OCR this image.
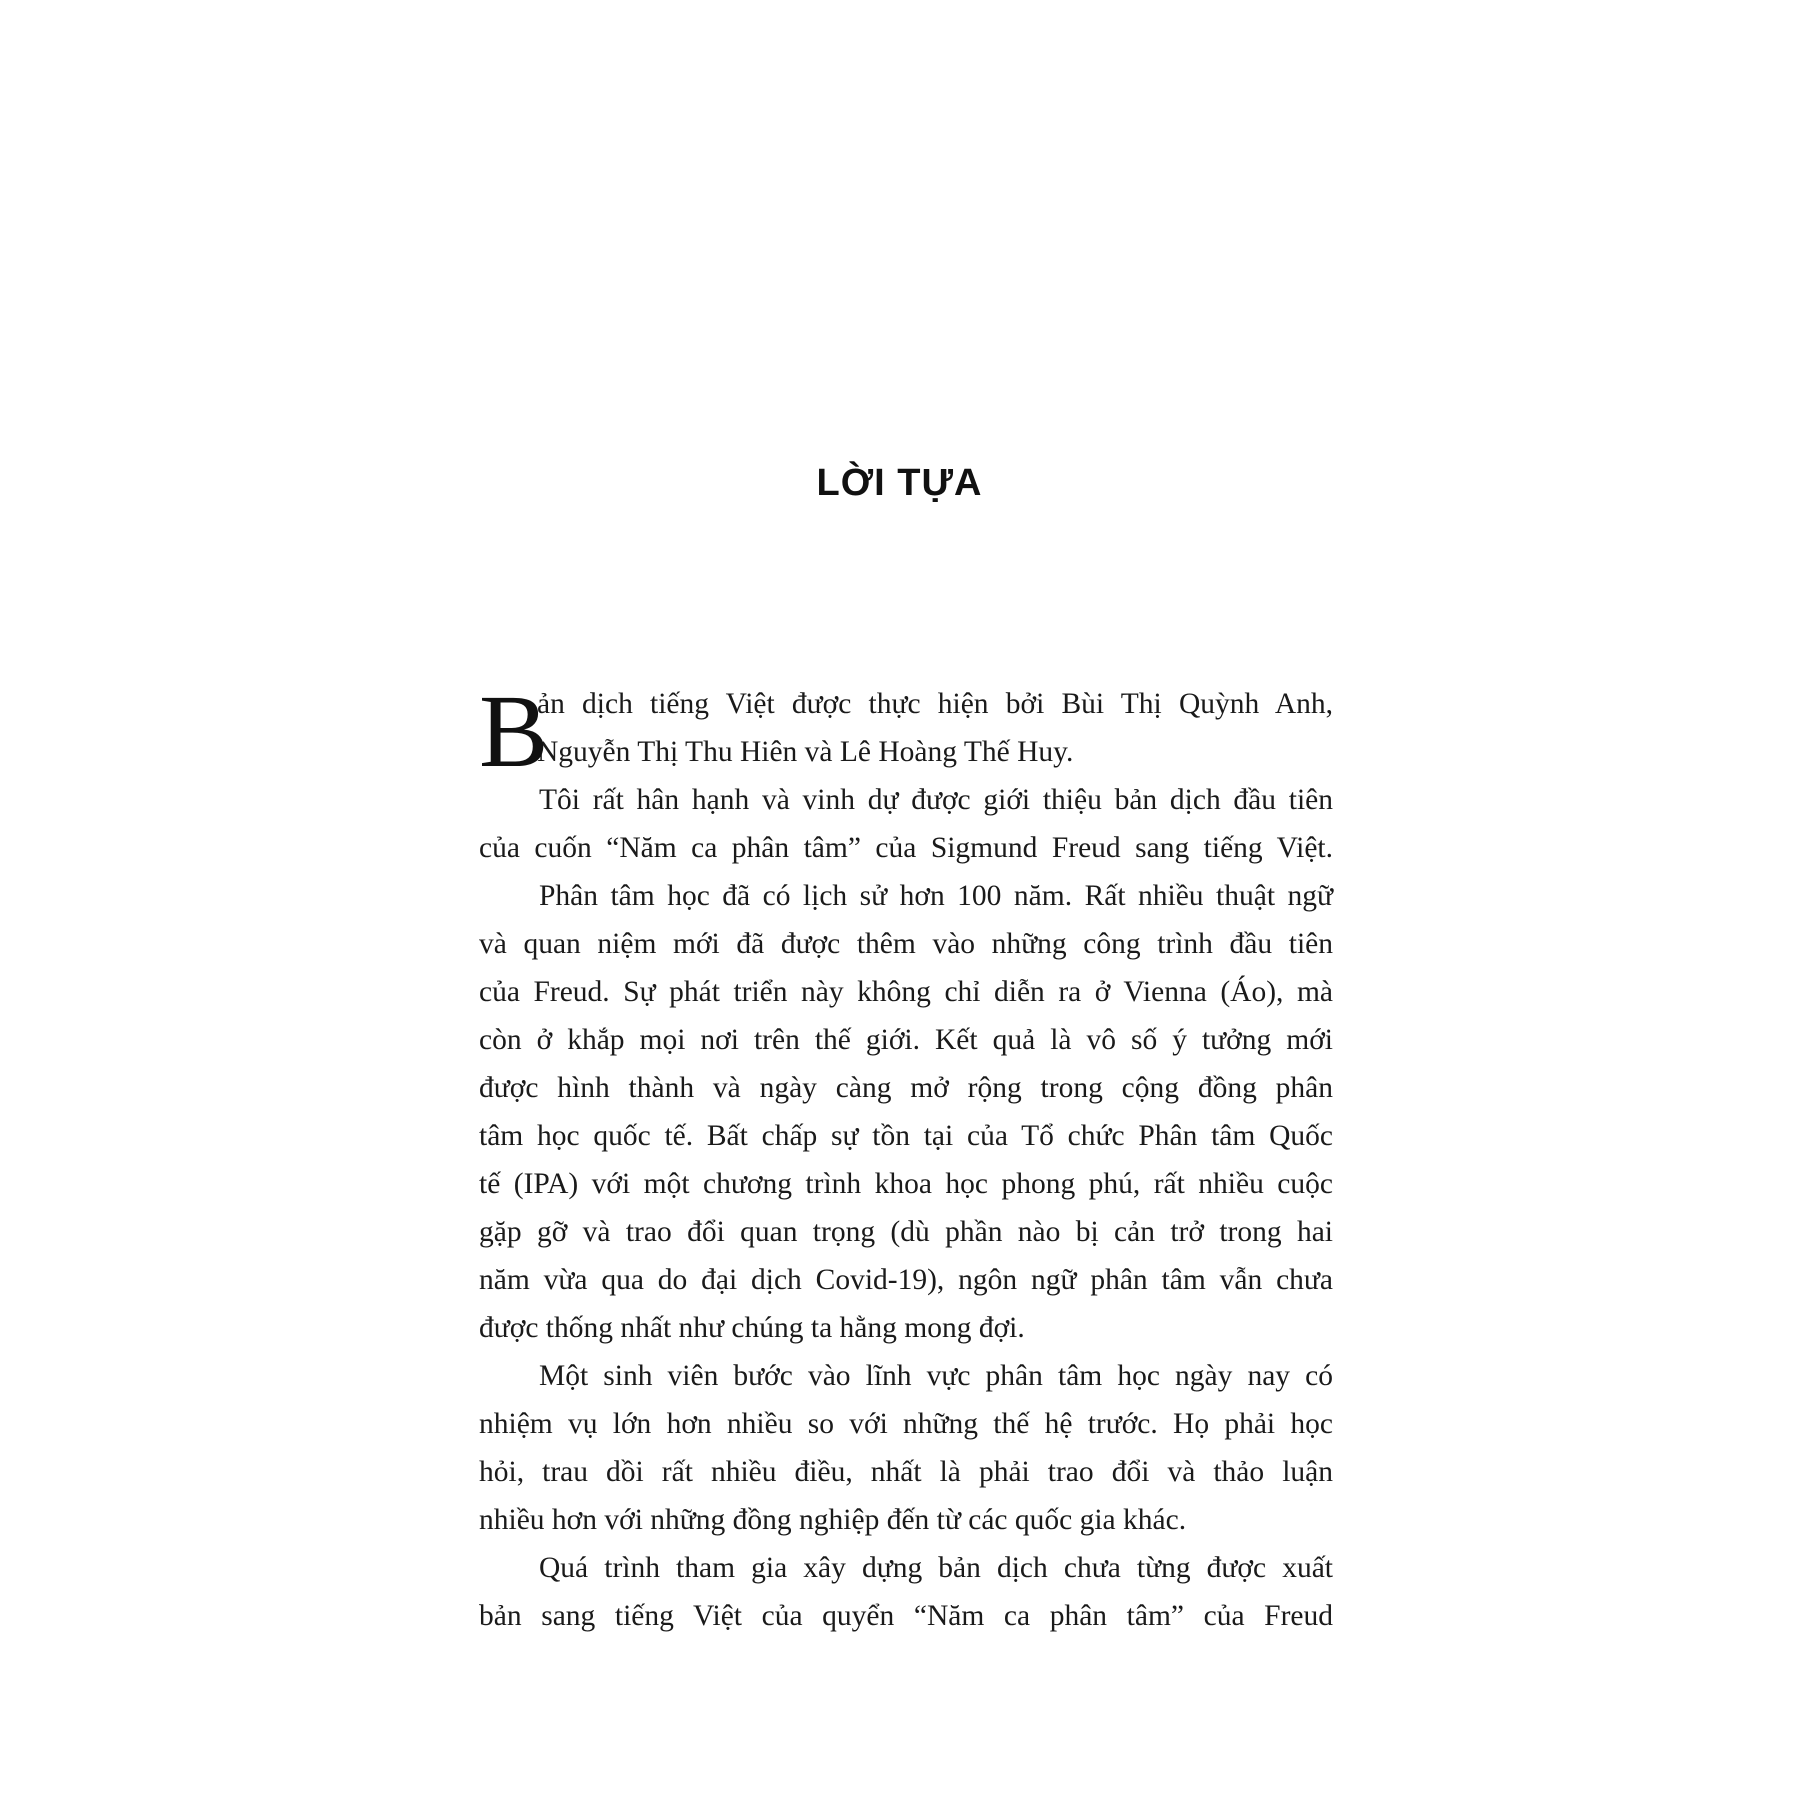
LỜI TỰA
B
ản dịch tiếng Việt được thực hiện bởi Bùi Thị Quỳnh Anh,
Nguyễn Thị Thu Hiên và Lê Hoàng Thế Huy.
Tôi rất hân hạnh và vinh dự được giới thiệu bản dịch đầu tiên
của cuốn “Năm ca phân tâm” của Sigmund Freud sang tiếng Việt.
Phân tâm học đã có lịch sử hơn 100 năm. Rất nhiều thuật ngữ
và quan niệm mới đã được thêm vào những công trình đầu tiên
của Freud. Sự phát triển này không chỉ diễn ra ở Vienna (Áo), mà
còn ở khắp mọi nơi trên thế giới. Kết quả là vô số ý tưởng mới
được hình thành và ngày càng mở rộng trong cộng đồng phân
tâm học quốc tế. Bất chấp sự tồn tại của Tổ chức Phân tâm Quốc
tế (IPA) với một chương trình khoa học phong phú, rất nhiều cuộc
gặp gỡ và trao đổi quan trọng (dù phần nào bị cản trở trong hai
năm vừa qua do đại dịch Covid-19), ngôn ngữ phân tâm vẫn chưa
được thống nhất như chúng ta hằng mong đợi.
Một sinh viên bước vào lĩnh vực phân tâm học ngày nay có
nhiệm vụ lớn hơn nhiều so với những thế hệ trước. Họ phải học
hỏi, trau dồi rất nhiều điều, nhất là phải trao đổi và thảo luận
nhiều hơn với những đồng nghiệp đến từ các quốc gia khác.
Quá trình tham gia xây dựng bản dịch chưa từng được xuất
bản sang tiếng Việt của quyển “Năm ca phân tâm” của Freud
